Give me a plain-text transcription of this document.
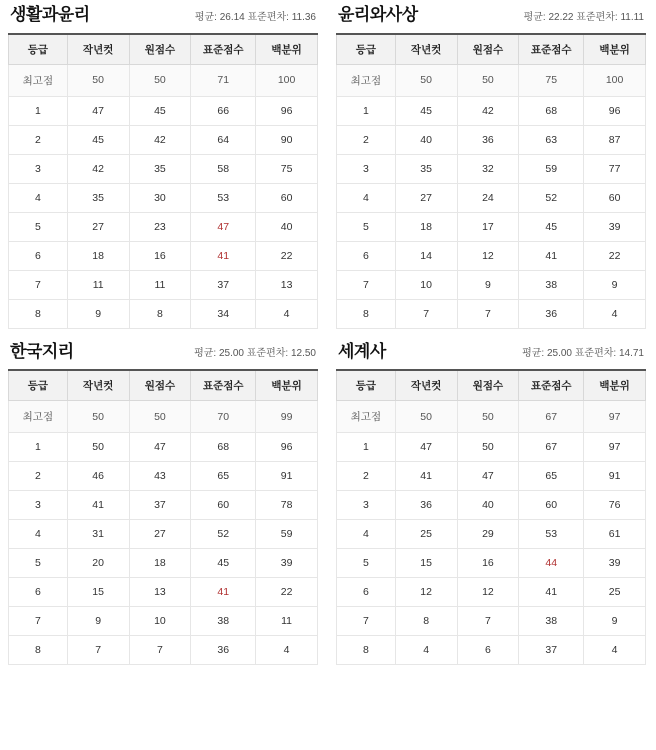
생활과윤리	평균: 26.14 표준편차: 11.36
등급	작년컷	원점수	표준점수	백분위
최고점	50	50	71	100
1	47	45	66	96
2	45	42	64	90
3	42	35	58	75
4	35	30	53	60
5	27	23	47	40
6	18	16	41	22
7	11	11	37	13
8	9	8	34	4
윤리와사상	평균: 22.22 표준편차: 11.11
등급	작년컷	원점수	표준점수	백분위
최고점	50	50	75	100
1	45	42	68	96
2	40	36	63	87
3	35	32	59	77
4	27	24	52	60
5	18	17	45	39
6	14	12	41	22
7	10	9	38	9
8	7	7	36	4
한국지리	평균: 25.00 표준편차: 12.50
등급	작년컷	원점수	표준점수	백분위
최고점	50	50	70	99
1	50	47	68	96
2	46	43	65	91
3	41	37	60	78
4	31	27	52	59
5	20	18	45	39
6	15	13	41	22
7	9	10	38	11
8	7	7	36	4
세계사	평균: 25.00 표준편차: 14.71
등급	작년컷	원점수	표준점수	백분위
최고점	50	50	67	97
1	47	50	67	97
2	41	47	65	91
3	36	40	60	76
4	25	29	53	61
5	15	16	44	39
6	12	12	41	25
7	8	7	38	9
8	4	6	37	4
